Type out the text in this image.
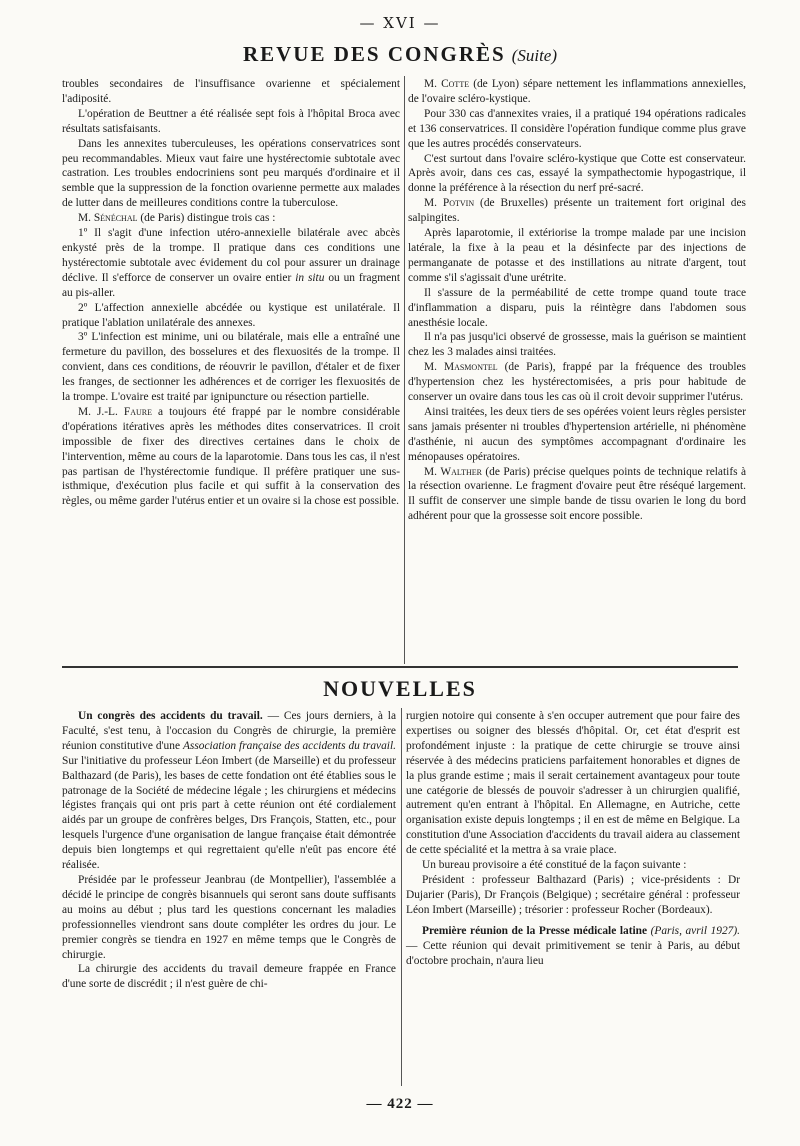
— XVI —
REVUE DES CONGRÈS (Suite)

troubles secondaires de l'insuffisance ovarienne et spécialement l'adiposité.

L'opération de Beuttner a été réalisée sept fois à l'hôpital Broca avec résultats satisfaisants.

Dans les annexites tuberculeuses, les opérations conservatrices sont peu recommandables. Mieux vaut faire une hystérectomie subtotale avec castration. Les troubles endocriniens sont peu marqués d'ordinaire et il semble que la suppression de la fonction ovarienne permette aux malades de lutter dans de meilleures conditions contre la tuberculose.

M. Sénéchal (de Paris) distingue trois cas :

1º Il s'agit d'une infection utéro-annexielle bilatérale avec abcès enkysté près de la trompe. Il pratique dans ces conditions une hystérectomie subtotale avec évidement du col pour assurer un drainage déclive. Il s'efforce de conserver un ovaire entier in situ ou un fragment au pis-aller.

2º L'affection annexielle abcédée ou kystique est unilatérale. Il pratique l'ablation unilatérale des annexes.

3º L'infection est minime, uni ou bilatérale, mais elle a entraîné une fermeture du pavillon, des bosselures et des flexuosités de la trompe. Il convient, dans ces conditions, de réouvrir le pavillon, d'étaler et de fixer les franges, de sectionner les adhérences et de corriger les flexuosités de la trompe. L'ovaire est traité par ignipuncture ou résection partielle.

M. J.-L. Faure a toujours été frappé par le nombre considérable d'opérations itératives après les méthodes dites conservatrices. Il croit impossible de fixer des directives certaines dans le choix de l'intervention, même au cours de la laparotomie. Dans tous les cas, il n'est pas partisan de l'hystérectomie fundique. Il préfère pratiquer une sus-isthmique, d'exécution plus facile et qui suffit à la conservation des règles, ou même garder l'utérus entier et un ovaire si la chose est possible.

M. Cotte (de Lyon) sépare nettement les inflammations annexielles, de l'ovaire scléro-kystique.

Pour 330 cas d'annexites vraies, il a pratiqué 194 opérations radicales et 136 conservatrices. Il considère l'opération fundique comme plus grave que les autres procédés conservateurs.

C'est surtout dans l'ovaire scléro-kystique que Cotte est conservateur. Après avoir, dans ces cas, essayé la sympathectomie hypogastrique, il donne la préférence à la résection du nerf pré-sacré.

M. Potvin (de Bruxelles) présente un traitement fort original des salpingites.

Après laparotomie, il extériorise la trompe malade par une incision latérale, la fixe à la peau et la désinfecte par des injections de permanganate de potasse et des instillations au nitrate d'argent, tout comme s'il s'agissait d'une urétrite.

Il s'assure de la perméabilité de cette trompe quand toute trace d'inflammation a disparu, puis la réintègre dans l'abdomen sous anesthésie locale.

Il n'a pas jusqu'ici observé de grossesse, mais la guérison se maintient chez les 3 malades ainsi traitées.

M. Masmontel (de Paris), frappé par la fréquence des troubles d'hypertension chez les hystérectomisées, a pris pour habitude de conserver un ovaire dans tous les cas où il croit devoir supprimer l'utérus.

Ainsi traitées, les deux tiers de ses opérées voient leurs règles persister sans jamais présenter ni troubles d'hypertension artérielle, ni phénomène d'asthénie, ni aucun des symptômes accompagnant d'ordinaire les ménopauses opératoires.

M. Walther (de Paris) précise quelques points de technique relatifs à la résection ovarienne. Le fragment d'ovaire peut être réséqué largement. Il suffit de conserver une simple bande de tissu ovarien le long du bord adhérent pour que la grossesse soit encore possible.

NOUVELLES

Un congrès des accidents du travail. — Ces jours derniers, à la Faculté, s'est tenu, à l'occasion du Congrès de chirurgie, la première réunion constitutive d'une Association française des accidents du travail. Sur l'initiative du professeur Léon Imbert (de Marseille) et du professeur Balthazard (de Paris), les bases de cette fondation ont été établies sous le patronage de la Société de médecine légale ; les chirurgiens et médecins légistes français qui ont pris part à cette réunion ont été cordialement aidés par un groupe de confrères belges, Drs François, Statten, etc., pour lesquels l'urgence d'une organisation de langue française était démontrée depuis bien longtemps et qui regrettaient qu'elle n'eût pas encore été réalisée.

Présidée par le professeur Jeanbrau (de Montpellier), l'assemblée a décidé le principe de congrès bisannuels qui seront sans doute suffisants au moins au début ; plus tard les questions concernant les maladies professionnelles viendront sans doute compléter les ordres du jour. Le premier congrès se tiendra en 1927 en même temps que le Congrès de chirurgie.

La chirurgie des accidents du travail demeure frappée en France d'une sorte de discrédit ; il n'est guère de chi-

rurgien notoire qui consente à s'en occuper autrement que pour faire des expertises ou soigner des blessés d'hôpital. Or, cet état d'esprit est profondément injuste : la pratique de cette chirurgie se trouve ainsi réservée à des médecins praticiens parfaitement honorables et dignes de la plus grande estime ; mais il serait certainement avantageux pour toute une catégorie de blessés de pouvoir s'adresser à un chirurgien qualifié, autrement qu'en entrant à l'hôpital. En Allemagne, en Autriche, cette organisation existe depuis longtemps ; il en est de même en Belgique. La constitution d'une Association d'accidents du travail aidera au classement de cette spécialité et la mettra à sa vraie place.

Un bureau provisoire a été constitué de la façon suivante :

Président : professeur Balthazard (Paris) ; vice-présidents : Dr Dujarier (Paris), Dr François (Belgique) ; secrétaire général : professeur Léon Imbert (Marseille) ; trésorier : professeur Rocher (Bordeaux).

Première réunion de la Presse médicale latine (Paris, avril 1927). — Cette réunion qui devait primitivement se tenir à Paris, au début d'octobre prochain, n'aura lieu

— 422 —
